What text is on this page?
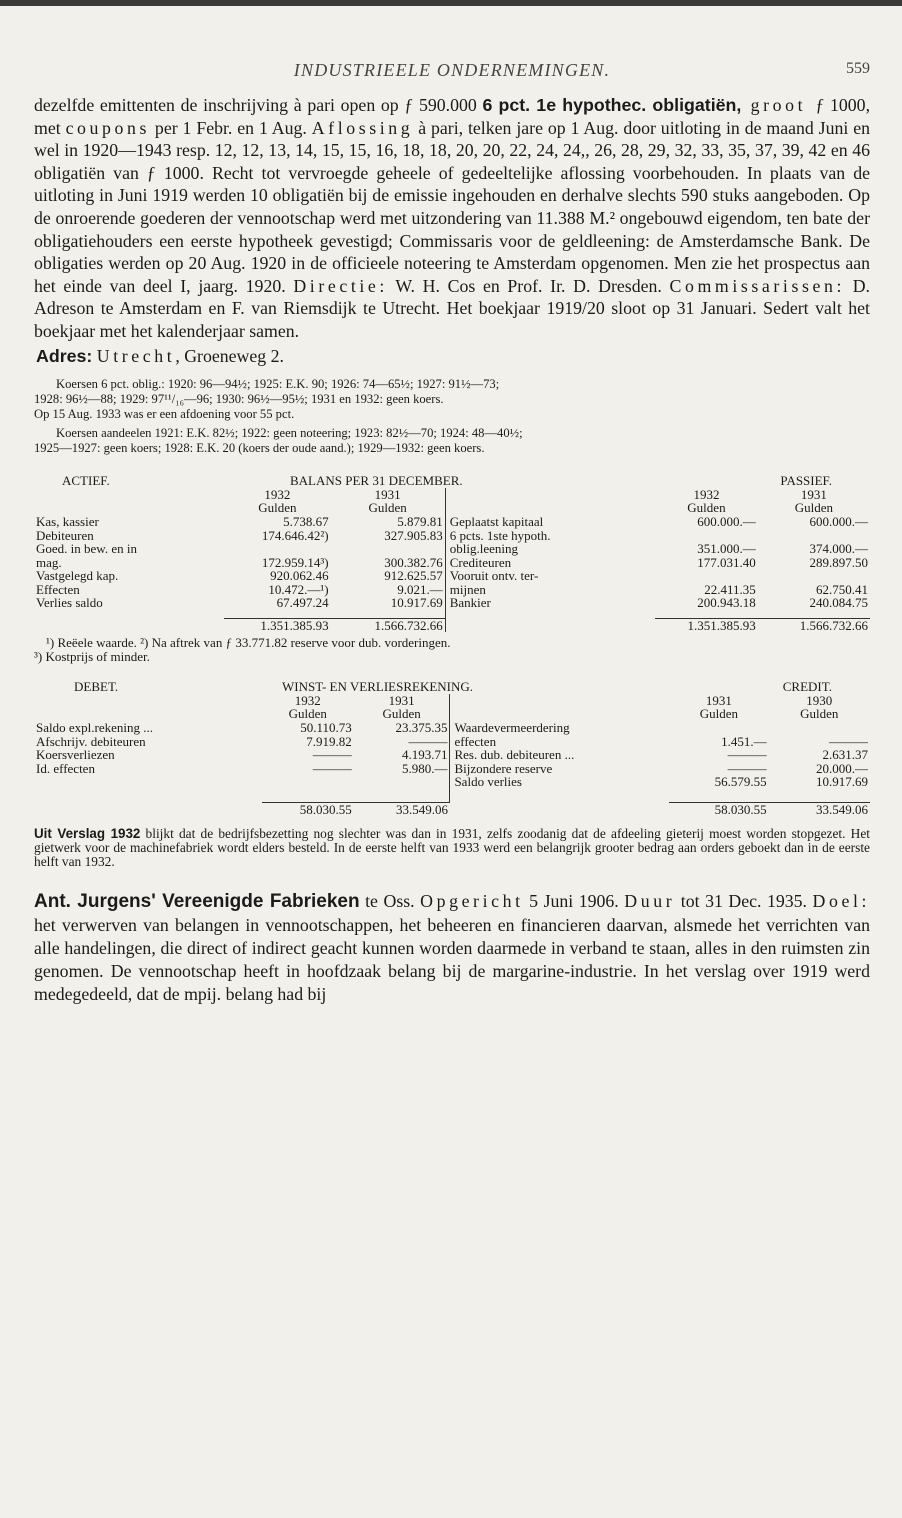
INDUSTRIEELE ONDERNEMINGEN.	559
dezelfde emittenten de inschrijving à pari open op ƒ 590.000 6 pct. 1e hypothec. obligatiën, groot ƒ 1000, met coupons per 1 Febr. en 1 Aug. Aflossing à pari, telken jare op 1 Aug. door uitloting in de maand Juni en wel in 1920—1943 resp. 12, 12, 13, 14, 15, 15, 16, 18, 18, 20, 20, 22, 24, 24,, 26, 28, 29, 32, 33, 35, 37, 39, 42 en 46 obligatiën van ƒ 1000. Recht tot vervroegde geheele of gedeeltelijke aflossing voorbehouden. In plaats van de uitloting in Juni 1919 werden 10 obligatiën bij de emissie ingehouden en derhalve slechts 590 stuks aangeboden. Op de onroerende goederen der vennootschap werd met uitzondering van 11.388 M.² ongebouwd eigendom, ten bate der obligatiehouders een eerste hypotheek gevestigd; Commissaris voor de geldleening: de Amsterdamsche Bank. De obligaties werden op 20 Aug. 1920 in de officieele noteering te Amsterdam opgenomen. Men zie het prospectus aan het einde van deel I, jaarg. 1920. Directie: W. H. Cos en Prof. Ir. D. Dresden. Commissarissen: D. Adreson te Amsterdam en F. van Riemsdijk te Utrecht. Het boekjaar 1919/20 sloot op 31 Januari. Sedert valt het boekjaar met het kalenderjaar samen.
Adres: Utrecht, Groeneweg 2.
Koersen 6 pct. oblig.: 1920: 96—94½; 1925: E.K. 90; 1926: 74—65½; 1927: 91½—73;
1928: 96½—88; 1929: 97¹¹/₁₆—96; 1930: 96½—95½; 1931 en 1932: geen koers.
Op 15 Aug. 1933 was er een afdoening voor 55 pct.
Koersen aandeelen 1921: E.K. 82½; 1922: geen noteering; 1923: 82½—70; 1924: 48—40½;
1925—1927: geen koers; 1928: E.K. 20 (koers der oude aand.); 1929—1932: geen koers.
ACTIEF. BALANS PER 31 DECEMBER.			PASSIEF.		
	1932	1931		1932	1931
	Gulden	Gulden		Gulden	Gulden
Kas, kassier	5.738.67	5.879.81	Geplaatst kapitaal	600.000.—	600.000.—
Debiteuren	174.646.42²)	327.905.83	6 pcts. 1ste hypoth.		
Goed. in bew. en in			oblig.leening	351.000.—	374.000.—
mag.	172.959.14³)	300.382.76	Crediteuren	177.031.40	289.897.50
Vastgelegd kap.	920.062.46	912.625.57	Vooruit ontv. ter-		
Effecten	10.472.—¹)	9.021.—	mijnen	22.411.35	62.750.41
Verlies saldo	67.497.24	10.917.69	Bankier	200.943.18	240.084.75

	1.351.385.93	1.566.732.66		1.351.385.93	1.566.732.66
¹) Reëele waarde. ²) Na aftrek van ƒ 33.771.82 reserve voor dub. vorderingen.
³) Kostprijs of minder.
DEBET. WINST- EN VERLIESREKENING.			CREDIT.		
	1932	1931		1931	1930
	Gulden	Gulden		Gulden	Gulden
Saldo expl.rekening ...	50.110.73	23.375.35	Waardevermeerdering		
Afschrijv. debiteuren	7.919.82	———	effecten	1.451.—	———
Koersverliezen	———	4.193.71	Res. dub. debiteuren ...	———	2.631.37
Id. effecten	———	5.980.—	Bijzondere reserve	———	20.000.—
			Saldo verlies	56.579.55	10.917.69

	58.030.55	33.549.06		58.030.55	33.549.06
Uit Verslag 1932 blijkt dat de bedrijfsbezetting nog slechter was dan in 1931, zelfs zoodanig dat de afdeeling gieterij moest worden stopgezet. Het gietwerk voor de machinefabriek wordt elders besteld. In de eerste helft van 1933 werd een belangrijk grooter bedrag aan orders geboekt dan in de eerste helft van 1932.
Ant. Jurgens' Vereenigde Fabrieken te Oss. Opgericht 5 Juni 1906. Duur tot 31 Dec. 1935. Doel: het verwerven van belangen in vennootschappen, het beheeren en financieren daarvan, alsmede het verrichten van alle handelingen, die direct of indirect geacht kunnen worden daarmede in verband te staan, alles in den ruimsten zin genomen. De vennootschap heeft in hoofdzaak belang bij de margarine-industrie. In het verslag over 1919 werd medegedeeld, dat de mpij. belang had bij
